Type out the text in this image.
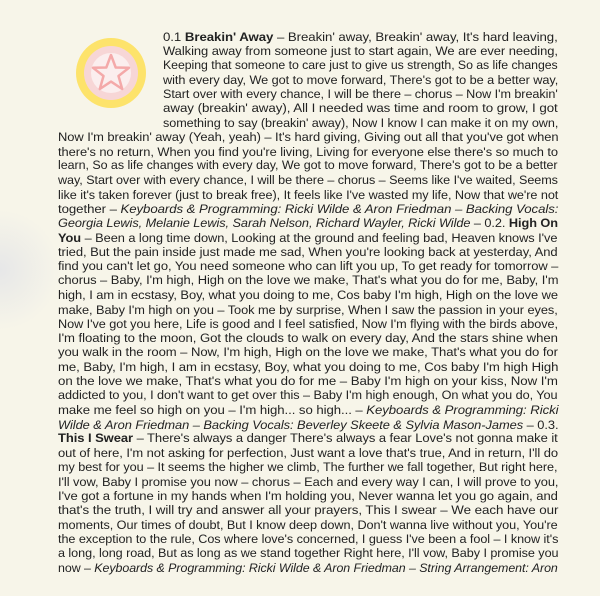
0.1 Breakin' Away – Breakin' away, Breakin' away, It's hard leaving,
Walking away from someone just to start again, We are ever needing,
Keeping that someone to care just to give us strength, So as life changes
with every day, We got to move forward, There's got to be a better way,
Start over with every chance, I will be there – chorus – Now I'm breakin'
away (breakin' away), All I needed was time and room to grow, I got
something to say (breakin' away), Now I know I can make it on my own,
Now I'm breakin' away (Yeah, yeah) – It's hard giving, Giving out all that you've got when
there's no return, When you find you're living, Living for everyone else there's so much to
learn, So as life changes with every day, We got to move forward, There's got to be a better
way, Start over with every chance, I will be there – chorus – Seems like I've waited, Seems
like it's taken forever (just to break free), It feels like I've wasted my life, Now that we're not
together – Keyboards & Programming: Ricki Wilde & Aron Friedman – Backing Vocals:
Georgia Lewis, Melanie Lewis, Sarah Nelson, Richard Wayler, Ricki Wilde – 0.2. High On
You – Been a long time down, Looking at the ground and feeling bad, Heaven knows I've
tried, But the pain inside just made me sad, When you're looking back at yesterday, And
find you can't let go, You need someone who can lift you up, To get ready for tomorrow –
chorus – Baby, I'm high, High on the love we make, That's what you do for me, Baby, I'm
high, I am in ecstasy, Boy, what you doing to me, Cos baby I'm high, High on the love we
make, Baby I'm high on you – Took me by surprise, When I saw the passion in your eyes,
Now I've got you here, Life is good and I feel satisfied, Now I'm flying with the birds above,
I'm floating to the moon, Got the clouds to walk on every day, And the stars shine when
you walk in the room – Now, I'm high, High on the love we make, That's what you do for
me, Baby, I'm high, I am in ecstasy, Boy, what you doing to me, Cos baby I'm high High
on the love we make, That's what you do for me – Baby I'm high on your kiss, Now I'm
addicted to you, I don't want to get over this – Baby I'm high enough, On what you do, You
make me feel so high on you – I'm high... so high... – Keyboards & Programming: Ricki
Wilde & Aron Friedman – Backing Vocals: Beverley Skeete & Sylvia Mason-James – 0.3.
This I Swear – There's always a danger There's always a fear Love's not gonna make it
out of here, I'm not asking for perfection, Just want a love that's true, And in return, I'll do
my best for you – It seems the higher we climb, The further we fall together, But right here,
I'll vow, Baby I promise you now – chorus – Each and every way I can, I will prove to you,
I've got a fortune in my hands when I'm holding you, Never wanna let you go again, and
that's the truth, I will try and answer all your prayers, This I swear – We each have our
moments, Our times of doubt, But I know deep down, Don't wanna live without you, You're
the exception to the rule, Cos where love's concerned, I guess I've been a fool – I know it's
a long, long road, But as long as we stand together Right here, I'll vow, Baby I promise you
now – Keyboards & Programming: Ricki Wilde & Aron Friedman – String Arrangement: Aron
